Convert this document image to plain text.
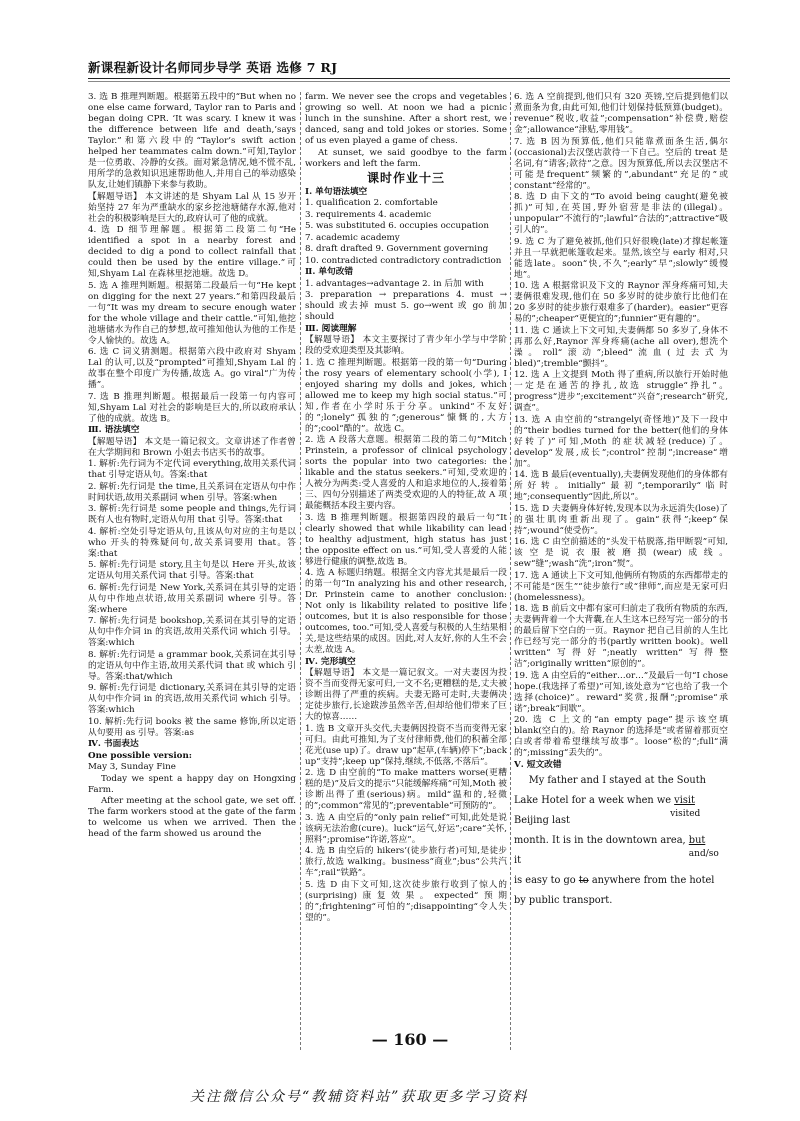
新课程新设计名师同步导学 英语 选修 7 RJ

3. 选 B 推理判断题。根据第五段中的“But when no one else came forward, Taylor ran to Paris and began doing CPR. ‘It was scary. I knew it was the difference between life and death,’says Taylor.”和第六段中的“Taylor’s swift action helped her teammates calm down.”可知,Taylor 是一位勇敢、冷静的女孩。面对紧急情况,她不慌不乱,用所学的急救知识迅速帮助他人,并用自己的举动感染队友,让她们镇静下来参与救助。

【解题导语】 本文讲述的是 Shyam Lal 从 15 岁开始坚持 27 年为严重缺水的家乡挖池塘储存水源,他对社会的积极影响是巨大的,政府认可了他的成就。

4. 选 D 细节理解题。根据第二段第二句“He identified a spot in a nearby forest and decided to dig a pond to collect rainfall that could then be used by the entire village.”可知,Shyam Lal 在森林里挖池塘。故选 D。

5. 选 A 推理判断题。根据第二段最后一句“He kept on digging for the next 27 years.”和第四段最后一句“It was my dream to secure enough water for the whole village and their cattle.”可知,他挖池塘储水为作自己的梦想,故可推知他认为他的工作是令人愉快的。故选 A。

6. 选 C 词义猜测题。根据第六段中政府对 Shyam Lal 的认可,以及“prompted”可推知,Shyam Lal 的故事在整个印度广为传播,故选 A。go viral“广为传播”。

7. 选 B 推理判断题。根据最后一段第一句内容可知,Shyam Lal 对社会的影响是巨大的,所以政府承认了他的成就。故选 B。

Ⅲ. 语法填空

【解题导语】 本文是一篇记叙文。文章讲述了作者曾在大学期间和 Brown 小姐去书店买书的故事。

1. 解析:先行词为不定代词 everything,故用关系代词 that 引导定语从句。答案:that

2. 解析:先行词是 the time,且关系词在定语从句中作时间状语,故用关系副词 when 引导。答案:when

3. 解析:先行词是 some people and things,先行词既有人也有物时,定语从句用 that 引导。答案:that

4. 解析:空处引导定语从句,且该从句对应的主句是以 who 开头的特殊疑问句,故关系词要用 that。答案:that

5. 解析:先行词是 story,且主句是以 Here 开头,故该定语从句用关系代词 that 引导。答案:that

6. 解析:先行词是 New York,关系词在其引导的定语从句中作地点状语,故用关系副词 where 引导。答案:where

7. 解析:先行词是 bookshop,关系词在其引导的定语从句中作介词 in 的宾语,故用关系代词 which 引导。答案:which

8. 解析:先行词是 a grammar book,关系词在其引导的定语从句中作主语,故用关系代词 that 或 which 引导。答案:that/which

9. 解析:先行词是 dictionary,关系词在其引导的定语从句中作介词 in 的宾语,故用关系代词 which 引导。答案:which

10. 解析:先行词 books 被 the same 修饰,所以定语从句要用 as 引导。答案:as

Ⅳ. 书面表达

One possible version:

May 3, Sunday Fine

Today we spent a happy day on Hongxing Farm.

After meeting at the school gate, we set off. The farm workers stood at the gate of the farm to welcome us when we arrived. Then the head of the farm showed us around the

farm. We never see the crops and vegetables growing so well. At noon we had a picnic lunch in the sunshine. After a short rest, we danced, sang and told jokes or stories. Some of us even played a game of chess.

At sunset, we said goodbye to the farm workers and left the farm.

课时作业十三

Ⅰ. 单句语法填空

1. qualification 2. comfortable

3. requirements 4. academic

5. was substituted 6. occupies occupation

7. academic academy

8. draft drafted 9. Government governing

10. contradicted contradictory contradiction

Ⅱ. 单句改错

1. advantages→advantage 2. in 后加 with

3. preparation → preparations 4. must → should 或去掉 must 5. go→went 或 go 前加 should

Ⅲ. 阅读理解

【解题导语】 本文主要探讨了青少年小学与中学阶段的受欢迎类型及其影响。

1. 选 C 推理判断题。根据第一段的第一句“During the rosy years of elementary school(小学), I enjoyed sharing my dolls and jokes, which allowed me to keep my high social status.”可知,作者在小学时乐于分享。unkind“不友好的”;lonely“孤独的”;generous“慷慨的,大方的”;cool“酷的”。故选 C。

2. 选 A 段落大意题。根据第二段的第二句“Mitch Prinstein, a professor of clinical psychology sorts the popular into two categories: the likable and the status seekers.”可知,受欢迎的人被分为两类:受人喜爱的人和追求地位的人,接着第三、四句分别描述了两类受欢迎的人的特征,故 A 项最能概括本段主要内容。

3. 选 B 推理判断题。根据第四段的最后一句“It clearly showed that while likability can lead to healthy adjustment, high status has just the opposite effect on us.”可知,受人喜爱的人能够进行健康的调整,故选 B。

4. 选 A 标题归纳题。根据全文内容尤其是最后一段的第一句“In analyzing his and other research, Dr. Prinstein came to another conclusion: Not only is likability related to positive life outcomes, but it is also responsible for those outcomes, too.”可知,受人喜爱与积极的人生结果相关,是这些结果的成因。因此,对人友好,你的人生不会太差,故选 A。

Ⅳ. 完形填空

【解题导语】 本文是一篇记叙文。一对夫妻因为投资不当而变得无家可归,一文不名;更糟糕的是,丈夫被诊断出得了严重的疾病。夫妻无路可走时,夫妻俩决定徒步旅行,长途跋涉虽然辛苦,但却给他们带来了巨大的惊喜……

1. 选 B 文章开头交代,夫妻俩因投资不当而变得无家可归。由此可推知,为了支付律师费,他们的积蓄全部花光(use up)了。draw up“起草,(车辆)停下”;back up“支持”;keep up“保持,继续,不低落,不落后”。

2. 选 D 由空前的“To make matters worse(更糟糕的是)”及后文的提示“只能缓解疼痛”可知,Moth 被诊断出得了重(serious)病。mild“温和的,轻微的”;common“常见的”;preventable“可预防的”。

3. 选 A 由空后的“only pain relief”可知,此处是说该病无法治愈(cure)。luck“运气,好运”;care“关怀,照料”;promise“许诺,答应”。

4. 选 B 由空后的 hikers’(徒步旅行者)可知,是徒步旅行,故选 walking。business“商业”;bus“公共汽车”;rail“铁路”。

5. 选 D 由下文可知,这次徒步旅行收到了惊人的(surprising)康复效果。expected“预期的”;frightening“可怕的”;disappointing“令人失望的”。

6. 选 A 空前提到,他们只有 320 英镑,空后提到他们以煮面条为食,由此可知,他们计划保持低预算(budget)。revenue“税收,收益”;compensation“补偿费,赔偿金”;allowance“津贴,零用钱”。

7. 选 B 因为预算低,他们只能靠煮面条生活,偶尔(occasional)去汉堡店款待一下自己。空后的 treat 是名词,有“请客;款待”之意。因为预算低,所以去汉堡店不可能是frequent“频繁的”,abundant“充足的”或 constant“经常的”。

8. 选 D 由下文的“To avoid being caught(避免被抓)”可知,在英国,野外宿营是非法的(illegal)。unpopular“不流行的”;lawful“合法的”;attractive“吸引人的”。

9. 选 C 为了避免被抓,他们只好很晚(late)才撑起帐篷并且一早就把帐篷收起来。显然,该空与 early 相对,只能选late。soon“快,不久”;early“早”;slowly“缓慢地”。

10. 选 A 根据常识及下文的 Raynor 浑身疼痛可知,夫妻俩很难发现,他们在 50 多岁时的徒步旅行比他们在 20 多岁时的徒步旅行艰难多了(harder)。easier“更容易的”;cheaper“更便宜的”;funnier“更有趣的”。

11. 选 C 通读上下文可知,夫妻俩都 50 多岁了,身体不再那么好,Raynor 浑身疼痛(ache all over),想洗个澡。roll“滚动”;bleed“流血(过去式为 bled)”;tremble“颤抖”。

12. 选 A 上文提到 Moth 得了重病,所以旅行开始时他一定是在通苦的挣扎,故选 struggle“挣扎”。progress“进步”;excitement“兴奋”;research“研究,调查”。

13. 选 A 由空前的“strangely(奇怪地)”及下一段中的“their bodies turned for the better(他们的身体好转了)”可知,Moth 的症状减轻(reduce)了。develop“发展,成长”;control“控制”;increase“增加”。

14. 选 B 最后(eventually),夫妻俩发现他们的身体都有所好转。initially“最初”;temporarily“临时地”;consequently“因此,所以”。

15. 选 D 夫妻俩身体好转,发现本以为永远消失(lose)了的强壮肌肉重新出现了。gain“获得”;keep“保持”;wound“使受伤”。

16. 选 C 由空前描述的“头发干枯脱落,指甲断裂”可知,该空是说衣服被磨损(wear)成线。sew“缝”;wash“洗”;iron“熨”。

17. 选 A 通读上下文可知,他俩所有物质的东西都带走的不可能是“医生”“徒步旅行”或“律师”,而应是无家可归(homelessness)。

18. 选 B 前后文中都有家可归前走了我所有物质的东西,夫妻俩背着一个大背囊,在人生这本已经写完一部分的书的最后留下空白的一页。Raynor 把自己目前的人生比作已经写完一部分的书(partly written book)。well written“写得好”;neatly written“写得整洁”;originally written“原创的”。

19. 选 A 由空后的“either…or…”及最后一句“I chose hope.(我选择了希望)”可知,该处意为“它也给了我一个选择(choice)”。reward“奖赏,报酬”;promise“承诺”;break“间歇”。

20. 选 C 上文的“an empty page”提示该空填 blank(空白的)。给 Raynor 的选择是“或者留着那页空白或者带着希望继续写故事”。loose“松的”;full“满的”;missing“丢失的”。

Ⅴ. 短文改错

My father and I stayed at the South Lake Hotel for a week when we visit
visited
Beijing last
month. It is in the downtown area, but
and/so
it
is easy to go to anywhere from the hotel by public transport.
— 160 —
关注微信公众号“教辅资料站”获取更多学习资料
